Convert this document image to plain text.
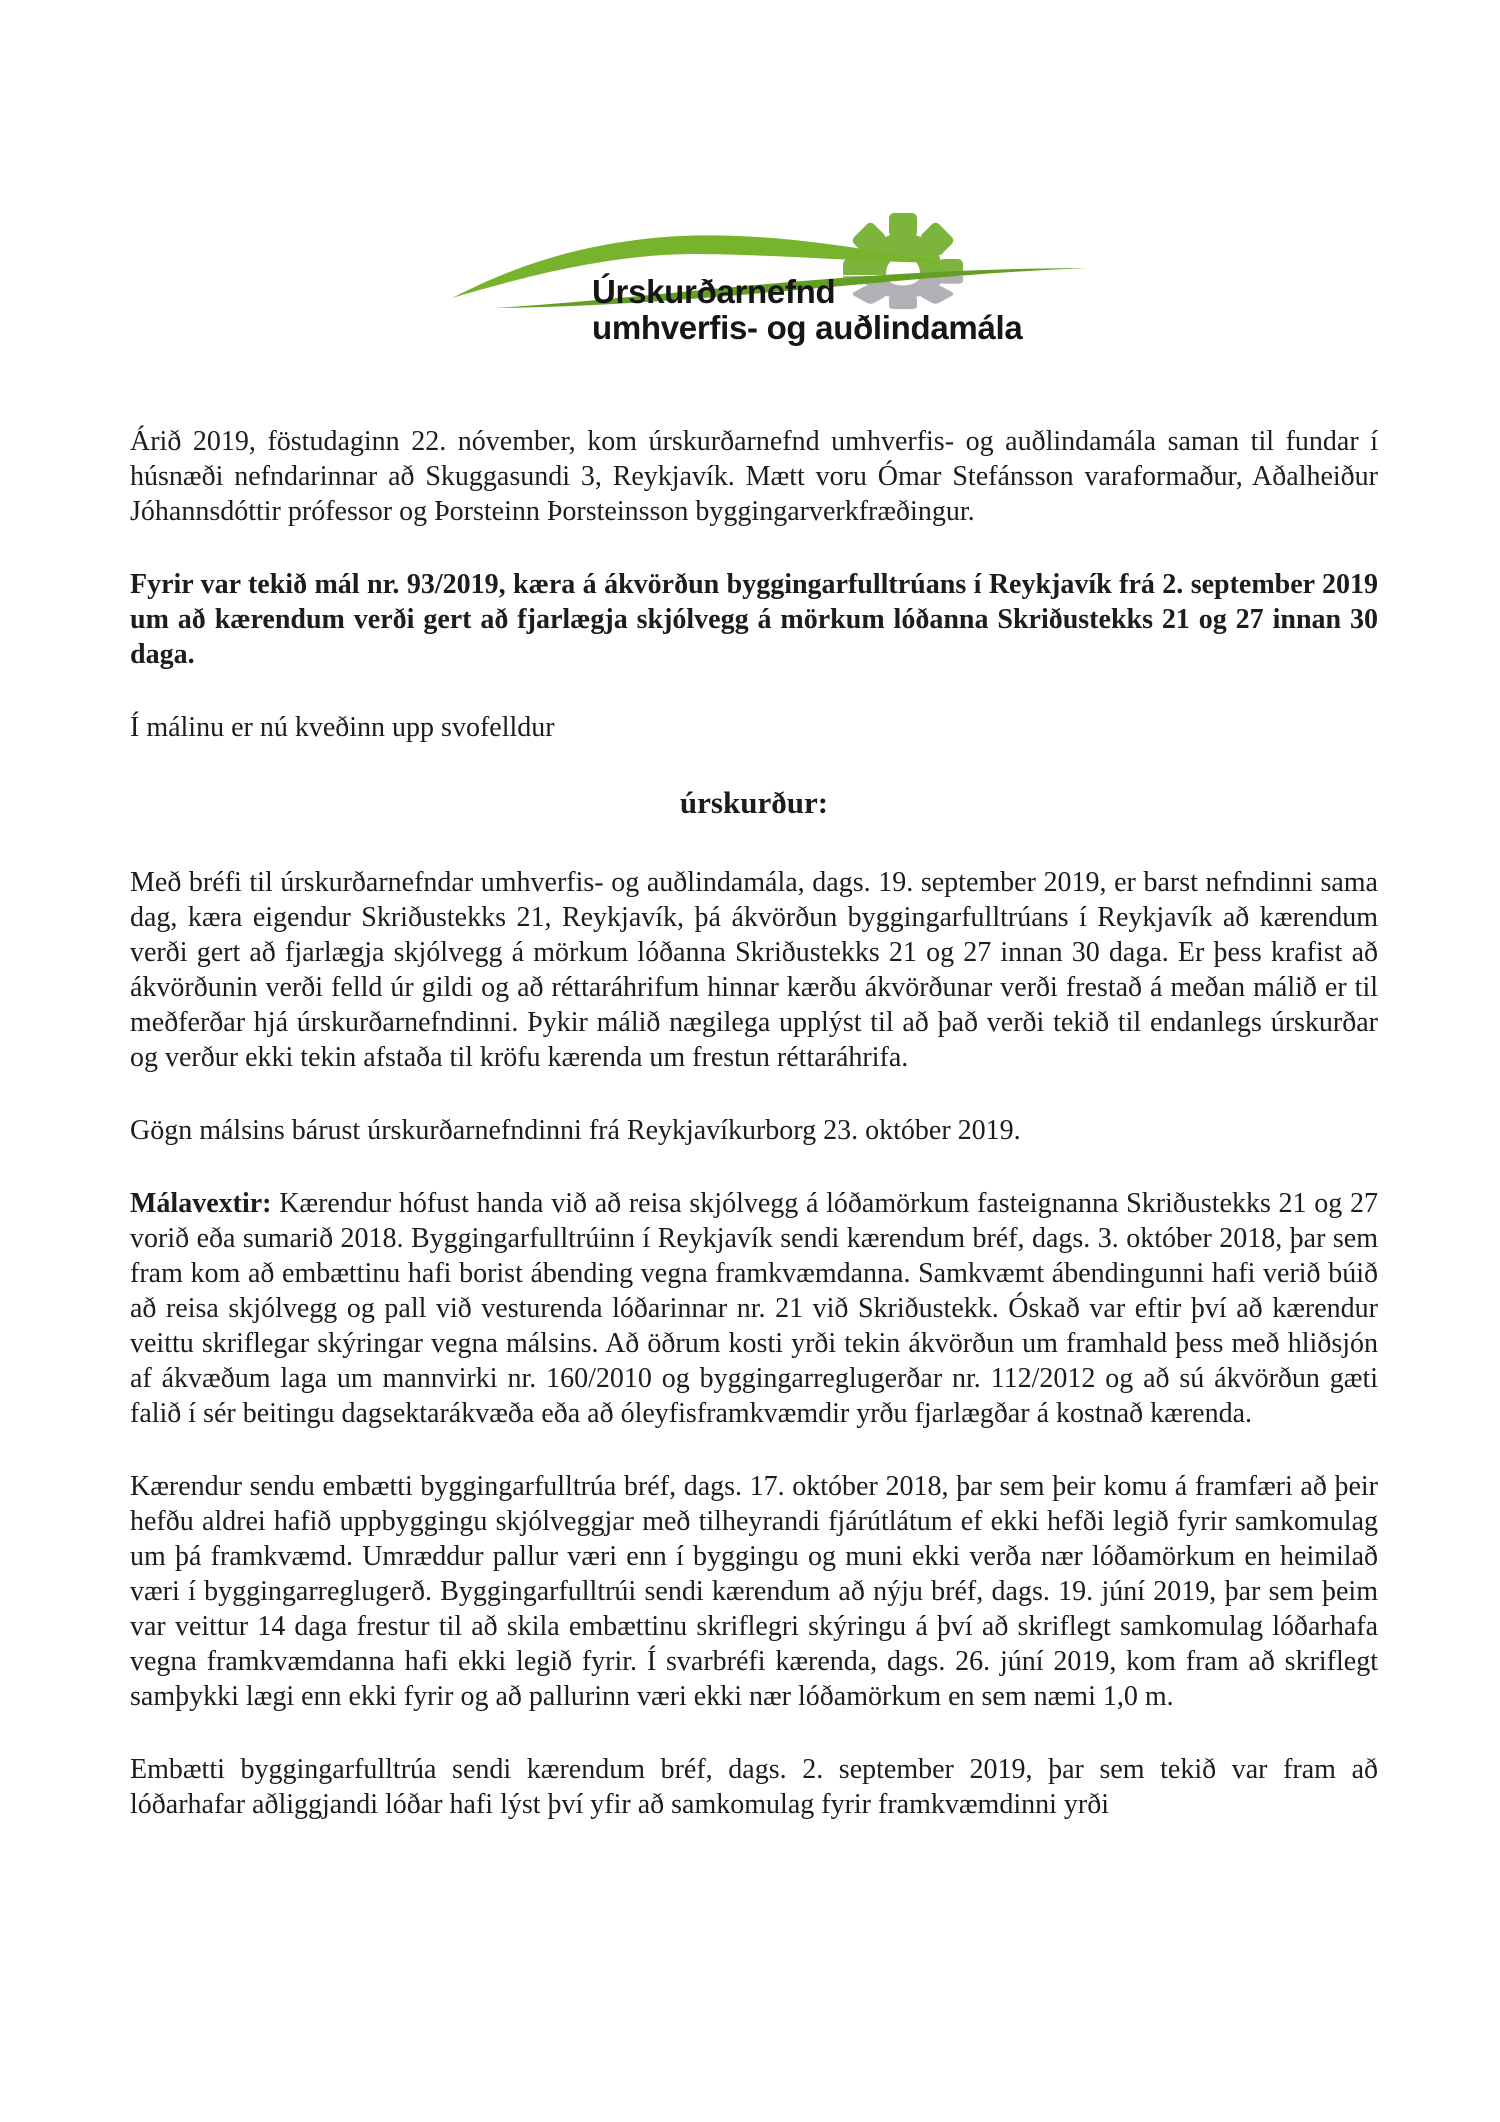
Úrskurðarnefnd
umhverfis- og auðlindamála

Árið 2019, föstudaginn 22. nóvember, kom úrskurðarnefnd umhverfis- og auðlindamála saman til fundar í húsnæði nefndarinnar að Skuggasundi 3, Reykjavík. Mætt voru Ómar Stefánsson varaformaður, Aðalheiður Jóhannsdóttir prófessor og Þorsteinn Þorsteinsson byggingarverkfræðingur.

Fyrir var tekið mál nr. 93/2019, kæra á ákvörðun byggingarfulltrúans í Reykjavík frá 2. september 2019 um að kærendum verði gert að fjarlægja skjólvegg á mörkum lóðanna Skriðustekks 21 og 27 innan 30 daga.

Í málinu er nú kveðinn upp svofelldur

úrskurður:

Með bréfi til úrskurðarnefndar umhverfis- og auðlindamála, dags. 19. september 2019, er barst nefndinni sama dag, kæra eigendur Skriðustekks 21, Reykjavík, þá ákvörðun byggingarfulltrúans í Reykjavík að kærendum verði gert að fjarlægja skjólvegg á mörkum lóðanna Skriðustekks 21 og 27 innan 30 daga. Er þess krafist að ákvörðunin verði felld úr gildi og að réttaráhrifum hinnar kærðu ákvörðunar verði frestað á meðan málið er til meðferðar hjá úrskurðarnefndinni. Þykir málið nægilega upplýst til að það verði tekið til endanlegs úrskurðar og verður ekki tekin afstaða til kröfu kærenda um frestun réttaráhrifa.

Gögn málsins bárust úrskurðarnefndinni frá Reykjavíkurborg 23. október 2019.

Málavextir: Kærendur hófust handa við að reisa skjólvegg á lóðamörkum fasteignanna Skriðustekks 21 og 27 vorið eða sumarið 2018. Byggingarfulltrúinn í Reykjavík sendi kærendum bréf, dags. 3. október 2018, þar sem fram kom að embættinu hafi borist ábending vegna framkvæmdanna. Samkvæmt ábendingunni hafi verið búið að reisa skjólvegg og pall við vesturenda lóðarinnar nr. 21 við Skriðustekk. Óskað var eftir því að kærendur veittu skriflegar skýringar vegna málsins. Að öðrum kosti yrði tekin ákvörðun um framhald þess með hliðsjón af ákvæðum laga um mannvirki nr. 160/2010 og byggingarreglugerðar nr. 112/2012 og að sú ákvörðun gæti falið í sér beitingu dagsektarákvæða eða að óleyfisframkvæmdir yrðu fjarlægðar á kostnað kærenda.

Kærendur sendu embætti byggingarfulltrúa bréf, dags. 17. október 2018, þar sem þeir komu á framfæri að þeir hefðu aldrei hafið uppbyggingu skjólveggjar með tilheyrandi fjárútlátum ef ekki hefði legið fyrir samkomulag um þá framkvæmd. Umræddur pallur væri enn í byggingu og muni ekki verða nær lóðamörkum en heimilað væri í byggingarreglugerð. Byggingarfulltrúi sendi kærendum að nýju bréf, dags. 19. júní 2019, þar sem þeim var veittur 14 daga frestur til að skila embættinu skriflegri skýringu á því að skriflegt samkomulag lóðarhafa vegna framkvæmdanna hafi ekki legið fyrir. Í svarbréfi kærenda, dags. 26. júní 2019, kom fram að skriflegt samþykki lægi enn ekki fyrir og að pallurinn væri ekki nær lóðamörkum en sem næmi 1,0 m.

Embætti byggingarfulltrúa sendi kærendum bréf, dags. 2. september 2019, þar sem tekið var fram að lóðarhafar aðliggjandi lóðar hafi lýst því yfir að samkomulag fyrir framkvæmdinni yrði
